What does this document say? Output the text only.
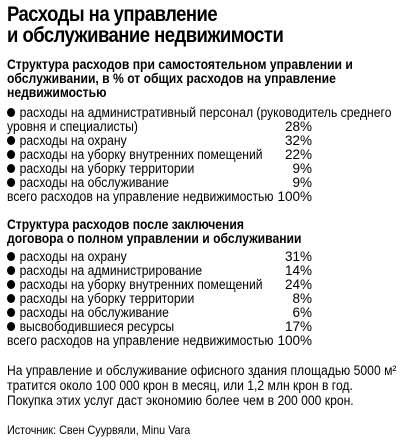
Расходы на управление
и обслуживание недвижимости
Структура расходов при самостоятельном управлении и
обслуживании, в % от общих расходов на управление
недвижимостью
расходы на административный персонал (руководитель среднего
уровня и специалисты)	28%
расходы на охрану	32%
расходы на уборку внутренних помещений 22%
расходы на уборку территории	9%
расходы на обслуживание	9%
всего расходов на управление недвижимостью 100%
Структура расходов после заключения
договора о полном управлении и обслуживании
расходы на охрану	31%
расходы на администрирование	14%
расходы на уборку внутренних помещений 24%
расходы на уборку территории	8%
расходы на обслуживание	6%
высвободившиеся ресурсы	17%
всего расходов на управление недвижимостью 100%
На управление и обслуживание офисного здания площадью 5000 м²
тратится около 100 000 крон в месяц, или 1,2 млн крон в год.
Покупка этих услуг даст экономию более чем в 200 000 крон.
Источник: Свен Суурвяли, Minu Vara
